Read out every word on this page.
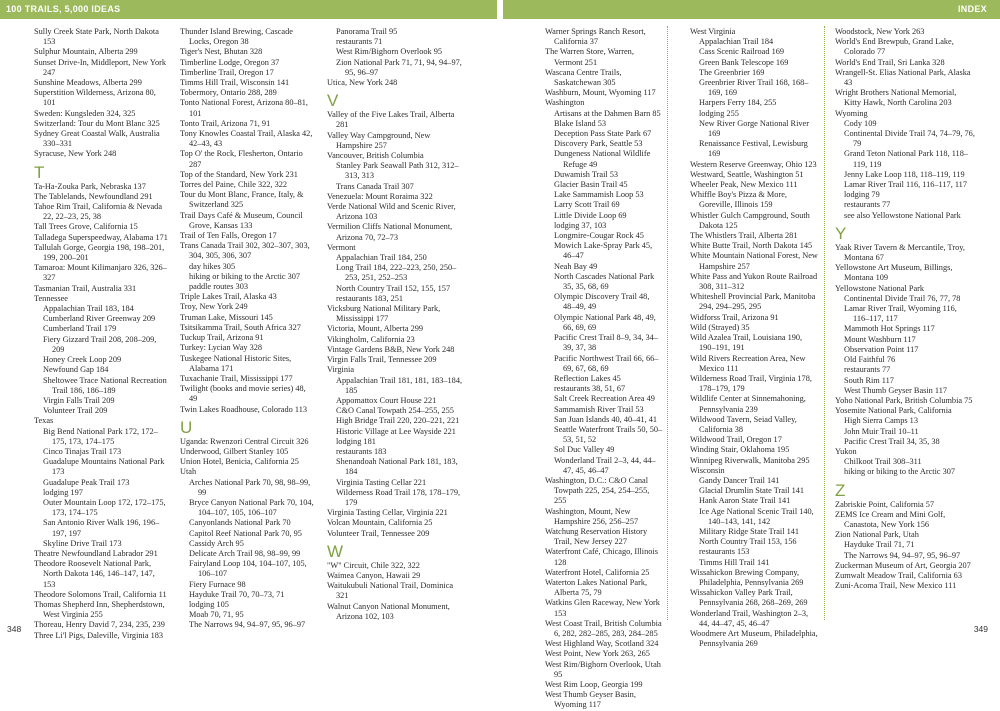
100 TRAILS, 5,000 IDEAS	INDEX
Sully Creek State Park, North Dakota 153
Sulphur Mountain, Alberta 299
Sunset Drive-In, Middleport, New York 247
Sunshine Meadows, Alberta 299
Superstition Wilderness, Arizona 80, 101
Sweden: Kungsleden 324, 325
Switzerland: Tour du Mont Blanc 325
Sydney Great Coastal Walk, Australia 330–331
Syracuse, New York 248
T
Ta-Ha-Zouka Park, Nebraska 137
The Tablelands, Newfoundland 291
Tahoe Rim Trail, California & Nevada 22, 22–23, 25, 38
Tall Trees Grove, California 15
Talladega Superspeedway, Alabama 171
Tallulah Gorge, Georgia 198, 198–201, 199, 200–201
Tamaroa: Mount Kilimanjaro 326, 326–327
Tasmanian Trail, Australia 331
Tennessee
Appalachian Trail 183, 184
Cumberland River Greenway 209
Cumberland Trail 179
Fiery Gizzard Trail 208, 208–209, 209
Honey Creek Loop 209
Newfound Gap 184
Sheltowee Trace National Recreation Trail 186, 186–189
Virgin Falls Trail 209
Volunteer Trail 209
Texas
Big Bend National Park 172, 172–175, 173, 174–175
Cinco Tinajas Trail 173
Guadalupe Mountains National Park 173
Guadalupe Peak Trail 173
lodging 197
Outer Mountain Loop 172, 172–175, 173, 174–175
San Antonio River Walk 196, 196–197, 197
Skyline Drive Trail 173
Theatre Newfoundland Labrador 291
Theodore Roosevelt National Park, North Dakota 146, 146–147, 147, 153
Theodore Solomons Trail, California 11
Thomas Shepherd Inn, Shepherdstown, West Virginia 255
Thoreau, Henry David 7, 234, 235, 239
Three Li'l Pigs, Daleville, Virginia 183
Thunder Island Brewing, Cascade Locks, Oregon 38
Tiger's Nest, Bhutan 328
Timberline Lodge, Oregon 37
Timberline Trail, Oregon 17
Timms Hill Trail, Wisconsin 141
Tobermory, Ontario 288, 289
Tonto National Forest, Arizona 80–81, 101
Tonto Trail, Arizona 71, 91
Tony Knowles Coastal Trail, Alaska 42, 42–43, 43
Top O' the Rock, Flesherton, Ontario 287
Top of the Standard, New York 231
Torres del Paine, Chile 322, 322
Tour du Mont Blanc, France, Italy, & Switzerland 325
Trail Days Café & Museum, Council Grove, Kansas 133
Trail of Ten Falls, Oregon 17
Trans Canada Trail 302, 302–307, 303, 304, 305, 306, 307
day hikes 305
hiking or biking to the Arctic 307
paddle routes 303
Triple Lakes Trail, Alaska 43
Troy, New York 249
Truman Lake, Missouri 145
Tsitsikamma Trail, South Africa 327
Tuckup Trail, Arizona 91
Turkey: Lycian Way 328
Tuskegee National Historic Sites, Alabama 171
Tuxachanie Trail, Mississippi 177
Twilight (books and movie series) 48, 49
Twin Lakes Roadhouse, Colorado 113
U
Uganda: Rwenzori Central Circuit 326
Underwood, Gilbert Stanley 105
Union Hotel, Benicia, California 25
Utah
Arches National Park 70, 98, 98–99, 99
Bryce Canyon National Park 70, 104, 104–107, 105, 106–107
Canyonlands National Park 70
Capitol Reef National Park 70, 95
Cassidy Arch 95
Delicate Arch Trail 98, 98–99, 99
Fairyland Loop 104, 104–107, 105, 106–107
Fiery Furnace 98
Hayduke Trail 70, 70–73, 71
lodging 105
Moab 70, 71, 95
The Narrows 94, 94–97, 95, 96–97
Panorama Trail 95
restaurants 71
West Rim/Bighorn Overlook 95
Zion National Park 71, 71, 94, 94–97, 95, 96–97
Utica, New York 248
V
Valley of the Five Lakes Trail, Alberta 281
Valley Way Campground, New Hampshire 257
Vancouver, British Columbia
Stanley Park Seawall Path 312, 312–313, 313
Trans Canada Trail 307
Venezuela: Mount Roraima 322
Verde National Wild and Scenic River, Arizona 103
Vermilion Cliffs National Monument, Arizona 70, 72–73
Vermont
Appalachian Trail 184, 250
Long Trail 184, 222–223, 250, 250–253, 251, 252–253
North Country Trail 152, 155, 157
restaurants 183, 251
Vicksburg National Military Park, Mississippi 177
Victoria, Mount, Alberta 299
Vikingholm, California 23
Vintage Gardens B&B, New York 248
Virgin Falls Trail, Tennessee 209
Virginia
Appalachian Trail 181, 181, 183–184, 185
Appomattox Court House 221
C&O Canal Towpath 254–255, 255
High Bridge Trail 220, 220–221, 221
Historic Village at Lee Wayside 221
lodging 181
restaurants 183
Shenandoah National Park 181, 183, 184
Virginia Tasting Cellar 221
Wilderness Road Trail 178, 178–179, 179
Virginia Tasting Cellar, Virginia 221
Volcan Mountain, California 25
Volunteer Trail, Tennessee 209
W
"W" Circuit, Chile 322, 322
Waimea Canyon, Hawaii 29
Waitukubuli National Trail, Dominica 321
Walnut Canyon National Monument, Arizona 102, 103
Warner Springs Ranch Resort, California 37
The Warren Store, Warren, Vermont 251
Wascana Centre Trails, Saskatchewan 305
Washburn, Mount, Wyoming 117
Washington
Artisans at the Dahmen Barn 85
Blake Island 53
Deception Pass State Park 67
Discovery Park, Seattle 53
Dungeness National Wildlife Refuge 49
Duwamish Trail 53
Glacier Basin Trail 45
Lake Sammamish Loop 53
Larry Scott Trail 69
Little Divide Loop 69
lodging 37, 103
Longmire-Cougar Rock 45
Mowich Lake-Spray Park 45, 46–47
Neah Bay 49
North Cascades National Park 35, 35, 68, 69
Olympic Discovery Trail 48, 48–49, 49
Olympic National Park 48, 49, 66, 69, 69
Pacific Crest Trail 8–9, 34, 34–39, 37, 38
Pacific Northwest Trail 66, 66–69, 67, 68, 69
Reflection Lakes 45
restaurants 38, 51, 67
Salt Creek Recreation Area 49
Sammamish River Trail 53
San Juan Islands 40, 40–41, 41
Seattle Waterfront Trails 50, 50–53, 51, 52
Sol Duc Valley 49
Wonderland Trail 2–3, 44, 44–47, 45, 46–47
Washington, D.C.: C&O Canal Towpath 225, 254, 254–255, 255
Washington, Mount, New Hampshire 256, 256–257
Watchung Reservation History Trail, New Jersey 227
Waterfront Café, Chicago, Illinois 128
Waterfront Hotel, California 25
Waterton Lakes National Park, Alberta 75, 79
Watkins Glen Raceway, New York 153
West Coast Trail, British Columbia 6, 282, 282–285, 283, 284–285
West Highland Way, Scotland 324
West Point, New York 263, 265
West Rim/Bighorn Overlook, Utah 95
West Rim Loop, Georgia 199
West Thumb Geyser Basin, Wyoming 117
West Virginia
Appalachian Trail 184
Cass Scenic Railroad 169
Green Bank Telescope 169
The Greenbrier 169
Greenbrier River Trail 168, 168–169, 169
Harpers Ferry 184, 255
lodging 255
New River Gorge National River 169
Renaissance Festival, Lewisburg 169
Western Reserve Greenway, Ohio 123
Westward, Seattle, Washington 51
Wheeler Peak, New Mexico 111
Whiffle Boy's Pizza & More, Goreville, Illinois 159
Whistler Gulch Campground, South Dakota 125
The Whistlers Trail, Alberta 281
White Butte Trail, North Dakota 145
White Mountain National Forest, New Hampshire 257
White Pass and Yukon Route Railroad 308, 311–312
Whiteshell Provincial Park, Manitoba 294, 294–295, 295
Widforss Trail, Arizona 91
Wild (Strayed) 35
Wild Azalea Trail, Louisiana 190, 190–191, 191
Wild Rivers Recreation Area, New Mexico 111
Wilderness Road Trail, Virginia 178, 178–179, 179
Wildlife Center at Sinnemahoning, Pennsylvania 239
Wildwood Tavern, Seiad Valley, California 38
Wildwood Trail, Oregon 17
Winding Stair, Oklahoma 195
Winnipeg Riverwalk, Manitoba 295
Wisconsin
Gandy Dancer Trail 141
Glacial Drumlin State Trail 141
Hank Aaron State Trail 141
Ice Age National Scenic Trail 140, 140–143, 141, 142
Military Ridge State Trail 141
North Country Trail 153, 156
restaurants 153
Timms Hill Trail 141
Wissahickon Brewing Company, Philadelphia, Pennsylvania 269
Wissahickon Valley Park Trail, Pennsylvania 268, 268–269, 269
Wonderland Trail, Washington 2–3, 44, 44–47, 45, 46–47
Woodmere Art Museum, Philadelphia, Pennsylvania 269
Woodstock, New York 263
World's End Brewpub, Grand Lake, Colorado 77
World's End Trail, Sri Lanka 328
Wrangell-St. Elias National Park, Alaska 43
Wright Brothers National Memorial, Kitty Hawk, North Carolina 203
Wyoming
Cody 109
Continental Divide Trail 74, 74–79, 76, 79
Grand Teton National Park 118, 118–119, 119
Jenny Lake Loop 118, 118–119, 119
Lamar River Trail 116, 116–117, 117
lodging 79
restaurants 77
see also Yellowstone National Park
Y
Yaak River Tavern & Mercantile, Troy, Montana 67
Yellowstone Art Museum, Billings, Montana 109
Yellowstone National Park
Continental Divide Trail 76, 77, 78
Lamar River Trail, Wyoming 116, 116–117, 117
Mammoth Hot Springs 117
Mount Washburn 117
Observation Point 117
Old Faithful 76
restaurants 77
South Rim 117
West Thumb Geyser Basin 117
Yoho National Park, British Columbia 75
Yosemite National Park, California
High Sierra Camps 13
John Muir Trail 10–11
Pacific Crest Trail 34, 35, 38
Yukon
Chilkoot Trail 308–311
hiking or biking to the Arctic 307
Z
Zabriskie Point, California 57
ZEMS Ice Cream and Mini Golf, Canastota, New York 156
Zion National Park, Utah
Hayduke Trail 71, 71
The Narrows 94, 94–97, 95, 96–97
Zuckerman Museum of Art, Georgia 207
Zumwalt Meadow Trail, California 63
Zuni-Acoma Trail, New Mexico 111
348	349
